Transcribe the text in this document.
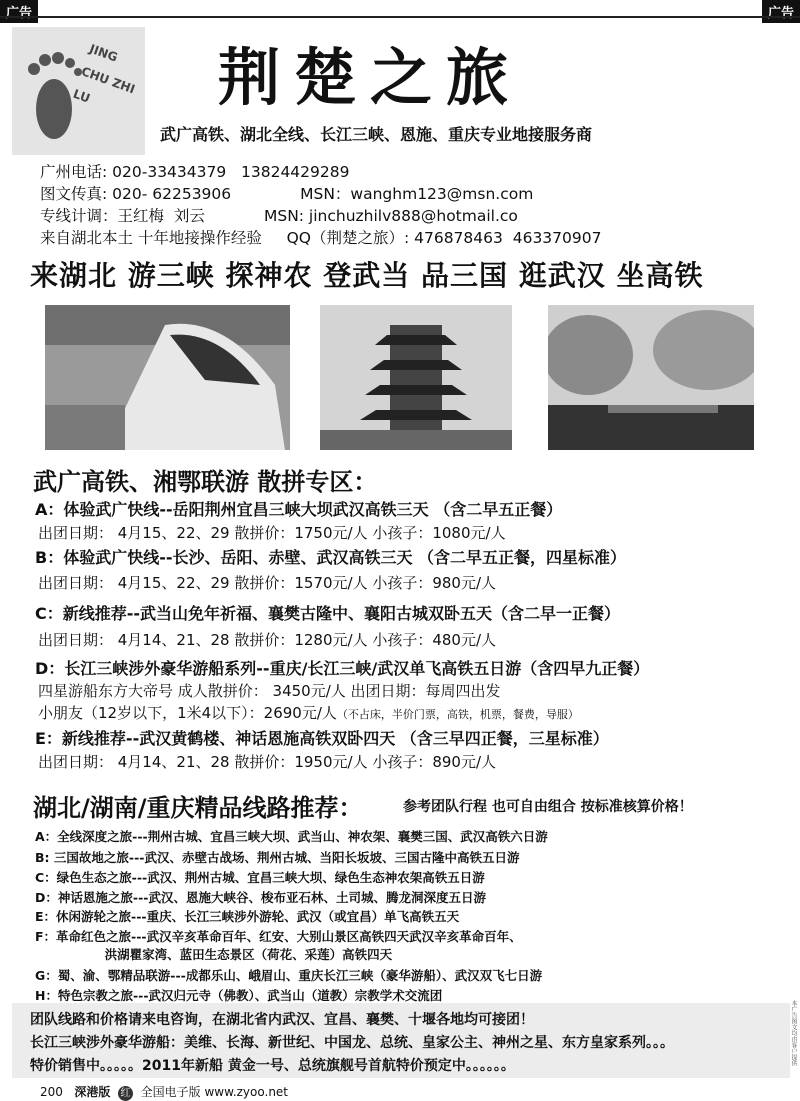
广告	广告
JING CHU ZHI LU	荆楚之旅
武广高铁、湖北全线、长江三峡、恩施、重庆专业地接服务商
广州电话: 020-33434379   13824429289
图文传真: 020- 62253906              MSN：wanghm123@msn.com
专线计调：王红梅  刘云            MSN: jinchuzhilv888@hotmail.co
来自湖北本土 十年地接操作经验     QQ（荆楚之旅）: 476878463  463370907
来湖北 游三峡 探神农 登武当 品三国 逛武汉 坐高铁
武广高铁、湘鄂联游 散拼专区：
A：体验武广快线--岳阳荆州宜昌三峡大坝武汉高铁三天 （含二早五正餐）
出团日期： 4月15、22、29 散拼价：1750元/人 小孩子：1080元/人
B：体验武广快线--长沙、岳阳、赤壁、武汉高铁三天 （含二早五正餐，四星标准）
出团日期： 4月15、22、29 散拼价：1570元/人 小孩子：980元/人
C：新线推荐--武当山免年祈福、襄樊古隆中、襄阳古城双卧五天（含二早一正餐）
出团日期： 4月14、21、28 散拼价：1280元/人 小孩子：480元/人
D：长江三峡涉外豪华游船系列--重庆/长江三峡/武汉单飞高铁五日游（含四早九正餐）
四星游船东方大帝号 成人散拼价： 3450元/人 出团日期：每周四出发
小朋友（12岁以下，1米4以下）：2690元/人（不占床，半价门票，高铁，机票，餐费，导服）
E：新线推荐--武汉黄鹤楼、神话恩施高铁双卧四天 （含三早四正餐，三星标准）
出团日期： 4月14、21、28 散拼价：1950元/人 小孩子：890元/人
湖北/湖南/重庆精品线路推荐：	参考团队行程 也可自由组合 按标准核算价格！
A：全线深度之旅---荆州古城、宜昌三峡大坝、武当山、神农架、襄樊三国、武汉高铁六日游
B: 三国故地之旅---武汉、赤壁古战场、荆州古城、当阳长坂坡、三国古隆中高铁五日游
C：绿色生态之旅---武汉、荆州古城、宜昌三峡大坝、绿色生态神农架高铁五日游
D：神话恩施之旅---武汉、恩施大峡谷、梭布亚石林、土司城、腾龙洞深度五日游
E：休闲游轮之旅---重庆、长江三峡涉外游轮、武汉（或宜昌）单飞高铁五天
F：革命红色之旅---武汉辛亥革命百年、红安、大别山景区高铁四天武汉辛亥革命百年、
洪湖瞿家湾、蓝田生态景区（荷花、采莲）高铁四天
G：蜀、渝、鄂精品联游---成都乐山、峨眉山、重庆长江三峡（豪华游船）、武汉双飞七日游
H：特色宗教之旅---武汉归元寺（佛教）、武当山（道教）宗教学术交流团
团队线路和价格请来电咨询，在湖北省内武汉、宜昌、襄樊、十堰各地均可接团！
长江三峡涉外豪华游船：美维、长海、新世纪、中国龙、总统、皇家公主、神州之星、东方皇家系列。。。
特价销售中。。。。。2011年新船 黄金一号、总统旗舰号首航特价预定中。。。。。。
200 深港版 红 全国电子版 www.zyoo.net
本广告图文均由客户提供
